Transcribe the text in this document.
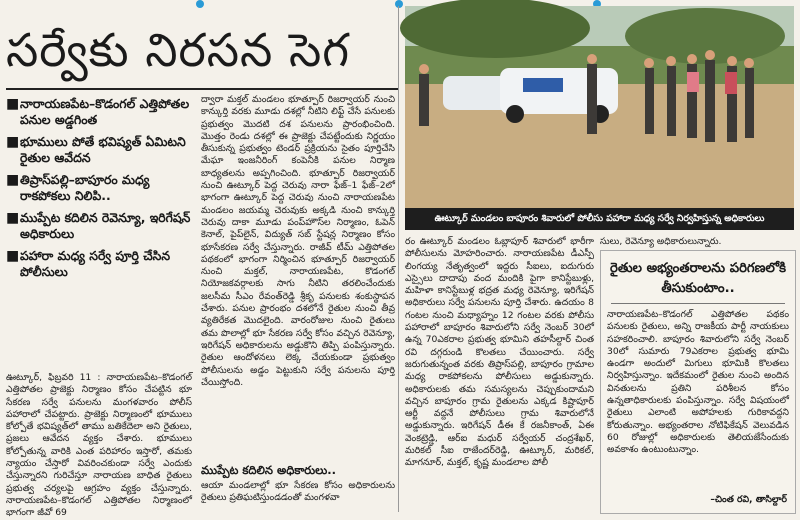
సర్వేకు నిరసన సెగ
■ నారాయణపేట–కొడంగల్ ఎత్తిపోతల పనుల అడ్డగింత
■ భూములు పోతే భవిష్యత్ ఏమిటని రైతుల ఆవేదన
■ తిప్రాస్‌పల్లి–బాపూరం మధ్య రాకపోకలు నిలిపి..
■ ముప్పేట కదిలిన రెవెన్యూ, ఇరిగేషన్ అధికారులు
■ పహారా మధ్య సర్వే పూర్తి చేసిన పోలీసులు
ఊట్కూర్, ఫిబ్రవరి 11 : నారాయణపేట–కొడంగల్ ఎత్తిపోతల ప్రాజెక్టు నిర్మాణం కోసం చేపట్టిన భూ సేకరణ సర్వే పనులను మంగళవారం పోలీస్ పహారాలో చేపట్టారు. ప్రాజెక్టు నిర్మాణంలో భూములు కోల్పోతే భవిష్యత్‌లో తాము బతికేదెలా అని రైతులు, ప్రజలు ఆవేదన వ్యక్తం చేశారు. భూములు కోల్పోతున్న వారికి ఎంత పరిహారం ఇస్తారో, తమకు న్యాయం చేస్తారో వివరించకుండా సర్వే ఎందుకు చేస్తున్నారని గురిచేస్తూ నారాయణ బాధిత రైతులు ప్రభుత్వ చర్యలపై ఆగ్రహం వ్యక్తం చేస్తున్నారు. నారాయణపేట–కొడంగల్ ఎత్తిపోతల నిర్మాణంలో భాగంగా జీవో 69
ద్వారా మక్తల్ మండలం భూత్పూర్ రిజర్వాయర్ నుంచి కాన్కుర్తి వరకు మూడు దశల్లో నీటిని లిఫ్ట్ చేసే పనులకు ప్రభుత్వం మొదటి దశ పనులను ప్రారంభించింది. మొత్తం రెండు దశల్లో ఈ ప్రాజెక్టు చేపట్టేందుకు నిర్ణయం తీసుకున్న ప్రభుత్వం టెండర్ ప్రక్రియను సైతం పూర్తిచేసి మేఘా ఇంజనీరింగ్ కంపెనీకి పనుల నిర్మాణ బాధ్యతలను అప్పగించింది. భూత్పూర్ రిజర్వాయర్ నుంచి ఊట్కూర్ పెద్ద చెరువు నారా ఫేజ్–1 ఫేజ్–2లో భాగంగా ఊట్కూర్ పెద్ద చెరువు నుంచి నారాయణపేట మండలం జయమ్మ చెరువుకు అక్కడి నుంచి కాన్కుర్తి చెరువు దాకా మూడు పంప్‌హౌస్‌ల నిర్మాణం, ఓపెన్ కెనాల్, పైప్‌లైన్, విద్యుత్ సబ్ స్టేషన్ల నిర్మాణం కోసం భూసేకరణ సర్వే చేస్తున్నారు. రాజీవ్ టీమ్ ఎత్తిపోతల పథకంలో భాగంగా నిర్మించిన భూత్పూర్ రిజర్వాయర్ నుంచి మక్తల్, నారాయణపేట, కొడంగల్ నియోజకవర్గాలకు సాగు నీటిని తరలించేందుకు జలసీమ సీఎం రేవంత్‌రెడ్డి శ్రీకృ పనులకు శంకుస్థాపన చేశారు. పనుల ప్రారంభం దశలోనే రైతుల నుంచి తీవ్ర వ్యతిరేకత మొదలైంది. వారంరోజుల నుంచి రైతులు తమ పొలాల్లో భూ సేకరణ సర్వే కోసం వచ్చిన రెవెన్యూ, ఇరిగేషన్ అధికారులను అడ్డుకొని తిప్పి పంపిస్తున్నారు. రైతుల ఆందోళనలు లెక్క చేయకుండా ప్రభుత్వం పోలీసులను అడ్డం పెట్టుకుని సర్వే పనులను పూర్తి చేయిస్తోంది.
ముప్పేట కదిలిన అధికారులు..
ఆయా మండలాల్లో భూ సేకరణ కోసం అధికారులను రైతులు ప్రతిఘటిస్తుండడంతో మంగళవా
ఊట్కూర్ మండలం బాపూరం శివారులో పోలీసు పహారా మధ్య సర్వే నిర్వహిస్తున్న అధికారులు
రం ఊట్కూర్ మండలం ఓబ్లాపూర్ శివారులో భారీగా పోలీసులను మోహరించారు. నారాయణపేట డీఎస్పీ లింగయ్య నేతృత్వంలో ఇద్దరు సీఐలు, ఐదుగురు ఎస్సైలు దాదాపు వంద మందికి పైగా కానిస్టేబుళ్లు, మహిళా కానిస్టేబుళ్ల భద్రత మధ్య రెవెన్యూ, ఇరిగేషన్ అధికారులు సర్వే పనులను పూర్తి చేశారు. ఉదయం 8 గంటల నుంచి మధ్యాహ్నం 12 గంటల వరకు పోలీసు పహారాలో బాపూరం శివారులోని సర్వే నెంబర్ 30లో ఉన్న 70ఎకరాల ప్రభుత్వ భూమిని తహసీల్దార్ చింత రవి దగ్గరుండి కొలతలు చేయించారు. సర్వే జరుగుతున్నంత వరకు తిప్రాస్‌పల్లి, బాపూరం గ్రామాల మధ్య రాకపోకలను పోలీసులు అడ్డుకున్నారు. అధికారులకు తమ సమస్యలను చెప్పుకుందామని వచ్చిన బాపూరం గ్రామ రైతులను ఎక్కడ కిష్టాపూర్ ఆర్టీ వద్దనే పోలీసులు గ్రామ శివారులోనే అడ్డుకున్నారు. ఇరిగేషన్ డీఈ కే రజనీకాంత్, ఏఈ వెంకట్రెడ్డి, ఆర్ఐ మధుర్ సర్వేయర్ చంద్రశేఖర్, మరికల్ సీఐ రాజేందర్‌రెడ్డి, ఊట్కూర్, మరికల్, మాగనూర్, మక్తల్, కృష్ణ మండలాల పోలీ
సులు, రెవెన్యూ అధికారులున్నారు.
రైతుల అభ్యంతరాలను పరిగణలోకి తీసుకుంటాం..
నారాయణపేట–కొడంగల్ ఎత్తిపోతల పథకం పనులకు రైతులు, అన్ని రాజకీయ పార్టీ నాయకులు సహకరించాలి. బాపూరం శివారులోని సర్వే నెంబర్ 30లో సుమారు 79ఎకరాల ప్రభుత్వ భూమి ఉండగా అందులో మిగులు భూమికి కొలతలు నిర్వహిస్తున్నాం. ఇదేకమంలో రైతుల నుంచి అందిన వినతులను ప్రతిని పరిశీలన కోసం ఉన్నతాధికారులకు పంపిస్తున్నాం. సర్వే విషయంలో రైతులు ఎలాంటి అపోహలకు గురికావద్దని కోరుతున్నాం. అభ్యంతరాల నోటిఫికేషన్ వెలువడిన 60 రోజుల్లో అధికారులకు తెలియజేసేందుకు అవకాశం ఉంటుంటున్నాం.
–చింత రవి, తాసిల్దార్
